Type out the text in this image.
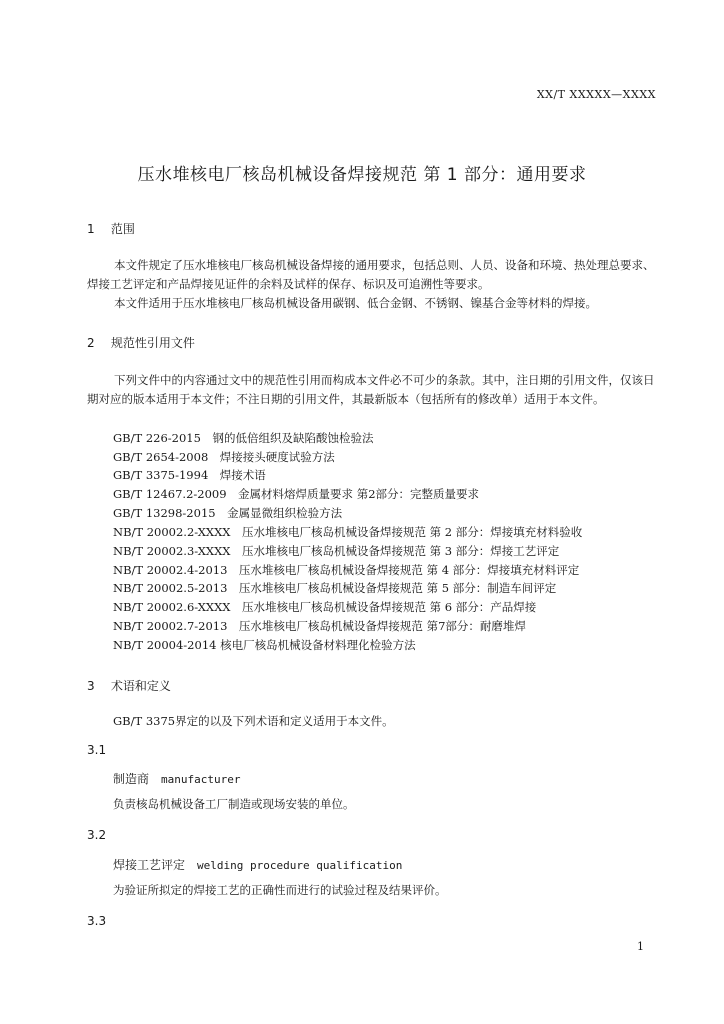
XX/T XXXXX—XXXX
压水堆核电厂核岛机械设备焊接规范 第 1 部分：通用要求
1 范围
本文件规定了压水堆核电厂核岛机械设备焊接的通用要求，包括总则、人员、设备和环境、热处理总要求、焊接工艺评定和产品焊接见证件的余料及试样的保存、标识及可追溯性等要求。
本文件适用于压水堆核电厂核岛机械设备用碳钢、低合金钢、不锈钢、镍基合金等材料的焊接。
2 规范性引用文件
下列文件中的内容通过文中的规范性引用而构成本文件必不可少的条款。其中，注日期的引用文件，仅该日期对应的版本适用于本文件；不注日期的引用文件，其最新版本（包括所有的修改单）适用于本文件。
GB/T 226-2015　钢的低倍组织及缺陷酸蚀检验法
GB/T 2654-2008　焊接接头硬度试验方法
GB/T 3375-1994　焊接术语
GB/T 12467.2-2009　金属材料熔焊质量要求 第2部分：完整质量要求
GB/T 13298-2015　金属显微组织检验方法
NB/T 20002.2-XXXX　压水堆核电厂核岛机械设备焊接规范 第 2 部分：焊接填充材料验收
NB/T 20002.3-XXXX　压水堆核电厂核岛机械设备焊接规范 第 3 部分：焊接工艺评定
NB/T 20002.4-2013　压水堆核电厂核岛机械设备焊接规范 第 4 部分：焊接填充材料评定
NB/T 20002.5-2013　压水堆核电厂核岛机械设备焊接规范 第 5 部分：制造车间评定
NB/T 20002.6-XXXX　压水堆核电厂核岛机械设备焊接规范 第 6 部分：产品焊接
NB/T 20002.7-2013　压水堆核电厂核岛机械设备焊接规范 第7部分：耐磨堆焊
NB/T 20004-2014 核电厂核岛机械设备材料理化检验方法
3 术语和定义
GB/T 3375界定的以及下列术语和定义适用于本文件。
3.1
制造商 manufacturer
负责核岛机械设备工厂制造或现场安装的单位。
3.2
焊接工艺评定 welding procedure qualification
为验证所拟定的焊接工艺的正确性而进行的试验过程及结果评价。
3.3
1
